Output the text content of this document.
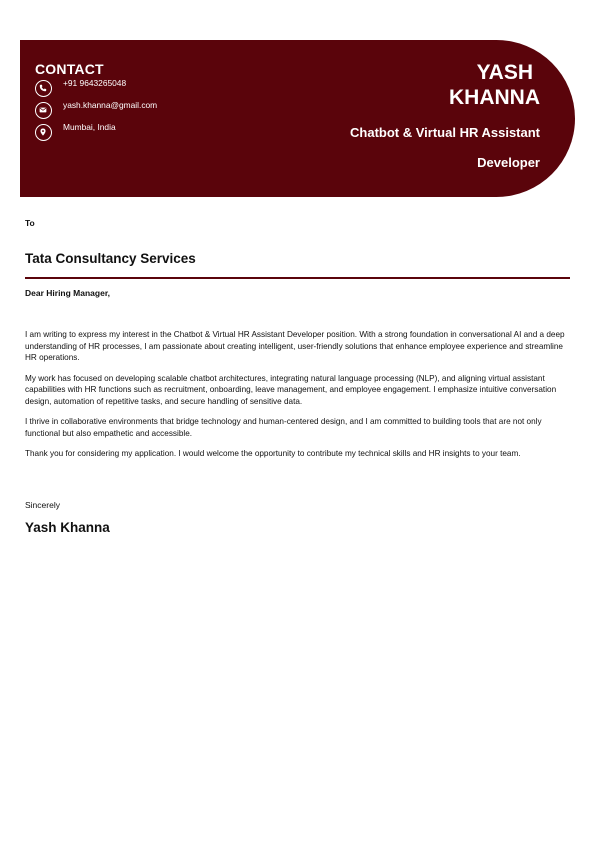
CONTACT
+91 9643265048
yash.khanna@gmail.com
Mumbai, India
YASH
KHANNA
Chatbot & Virtual HR Assistant
Developer
To
Tata Consultancy Services
Dear Hiring Manager,

I am writing to express my interest in the Chatbot & Virtual HR Assistant Developer position. With a strong foundation in conversational AI and a deep understanding of HR processes, I am passionate about creating intelligent, user-friendly solutions that enhance employee experience and streamline HR operations.

My work has focused on developing scalable chatbot architectures, integrating natural language processing (NLP), and aligning virtual assistant capabilities with HR functions such as recruitment, onboarding, leave management, and employee engagement. I emphasize intuitive conversation design, automation of repetitive tasks, and secure handling of sensitive data.

I thrive in collaborative environments that bridge technology and human-centered design, and I am committed to building tools that are not only functional but also empathetic and accessible.

Thank you for considering my application. I would welcome the opportunity to contribute my technical skills and HR insights to your team.

Sincerely
Yash Khanna
